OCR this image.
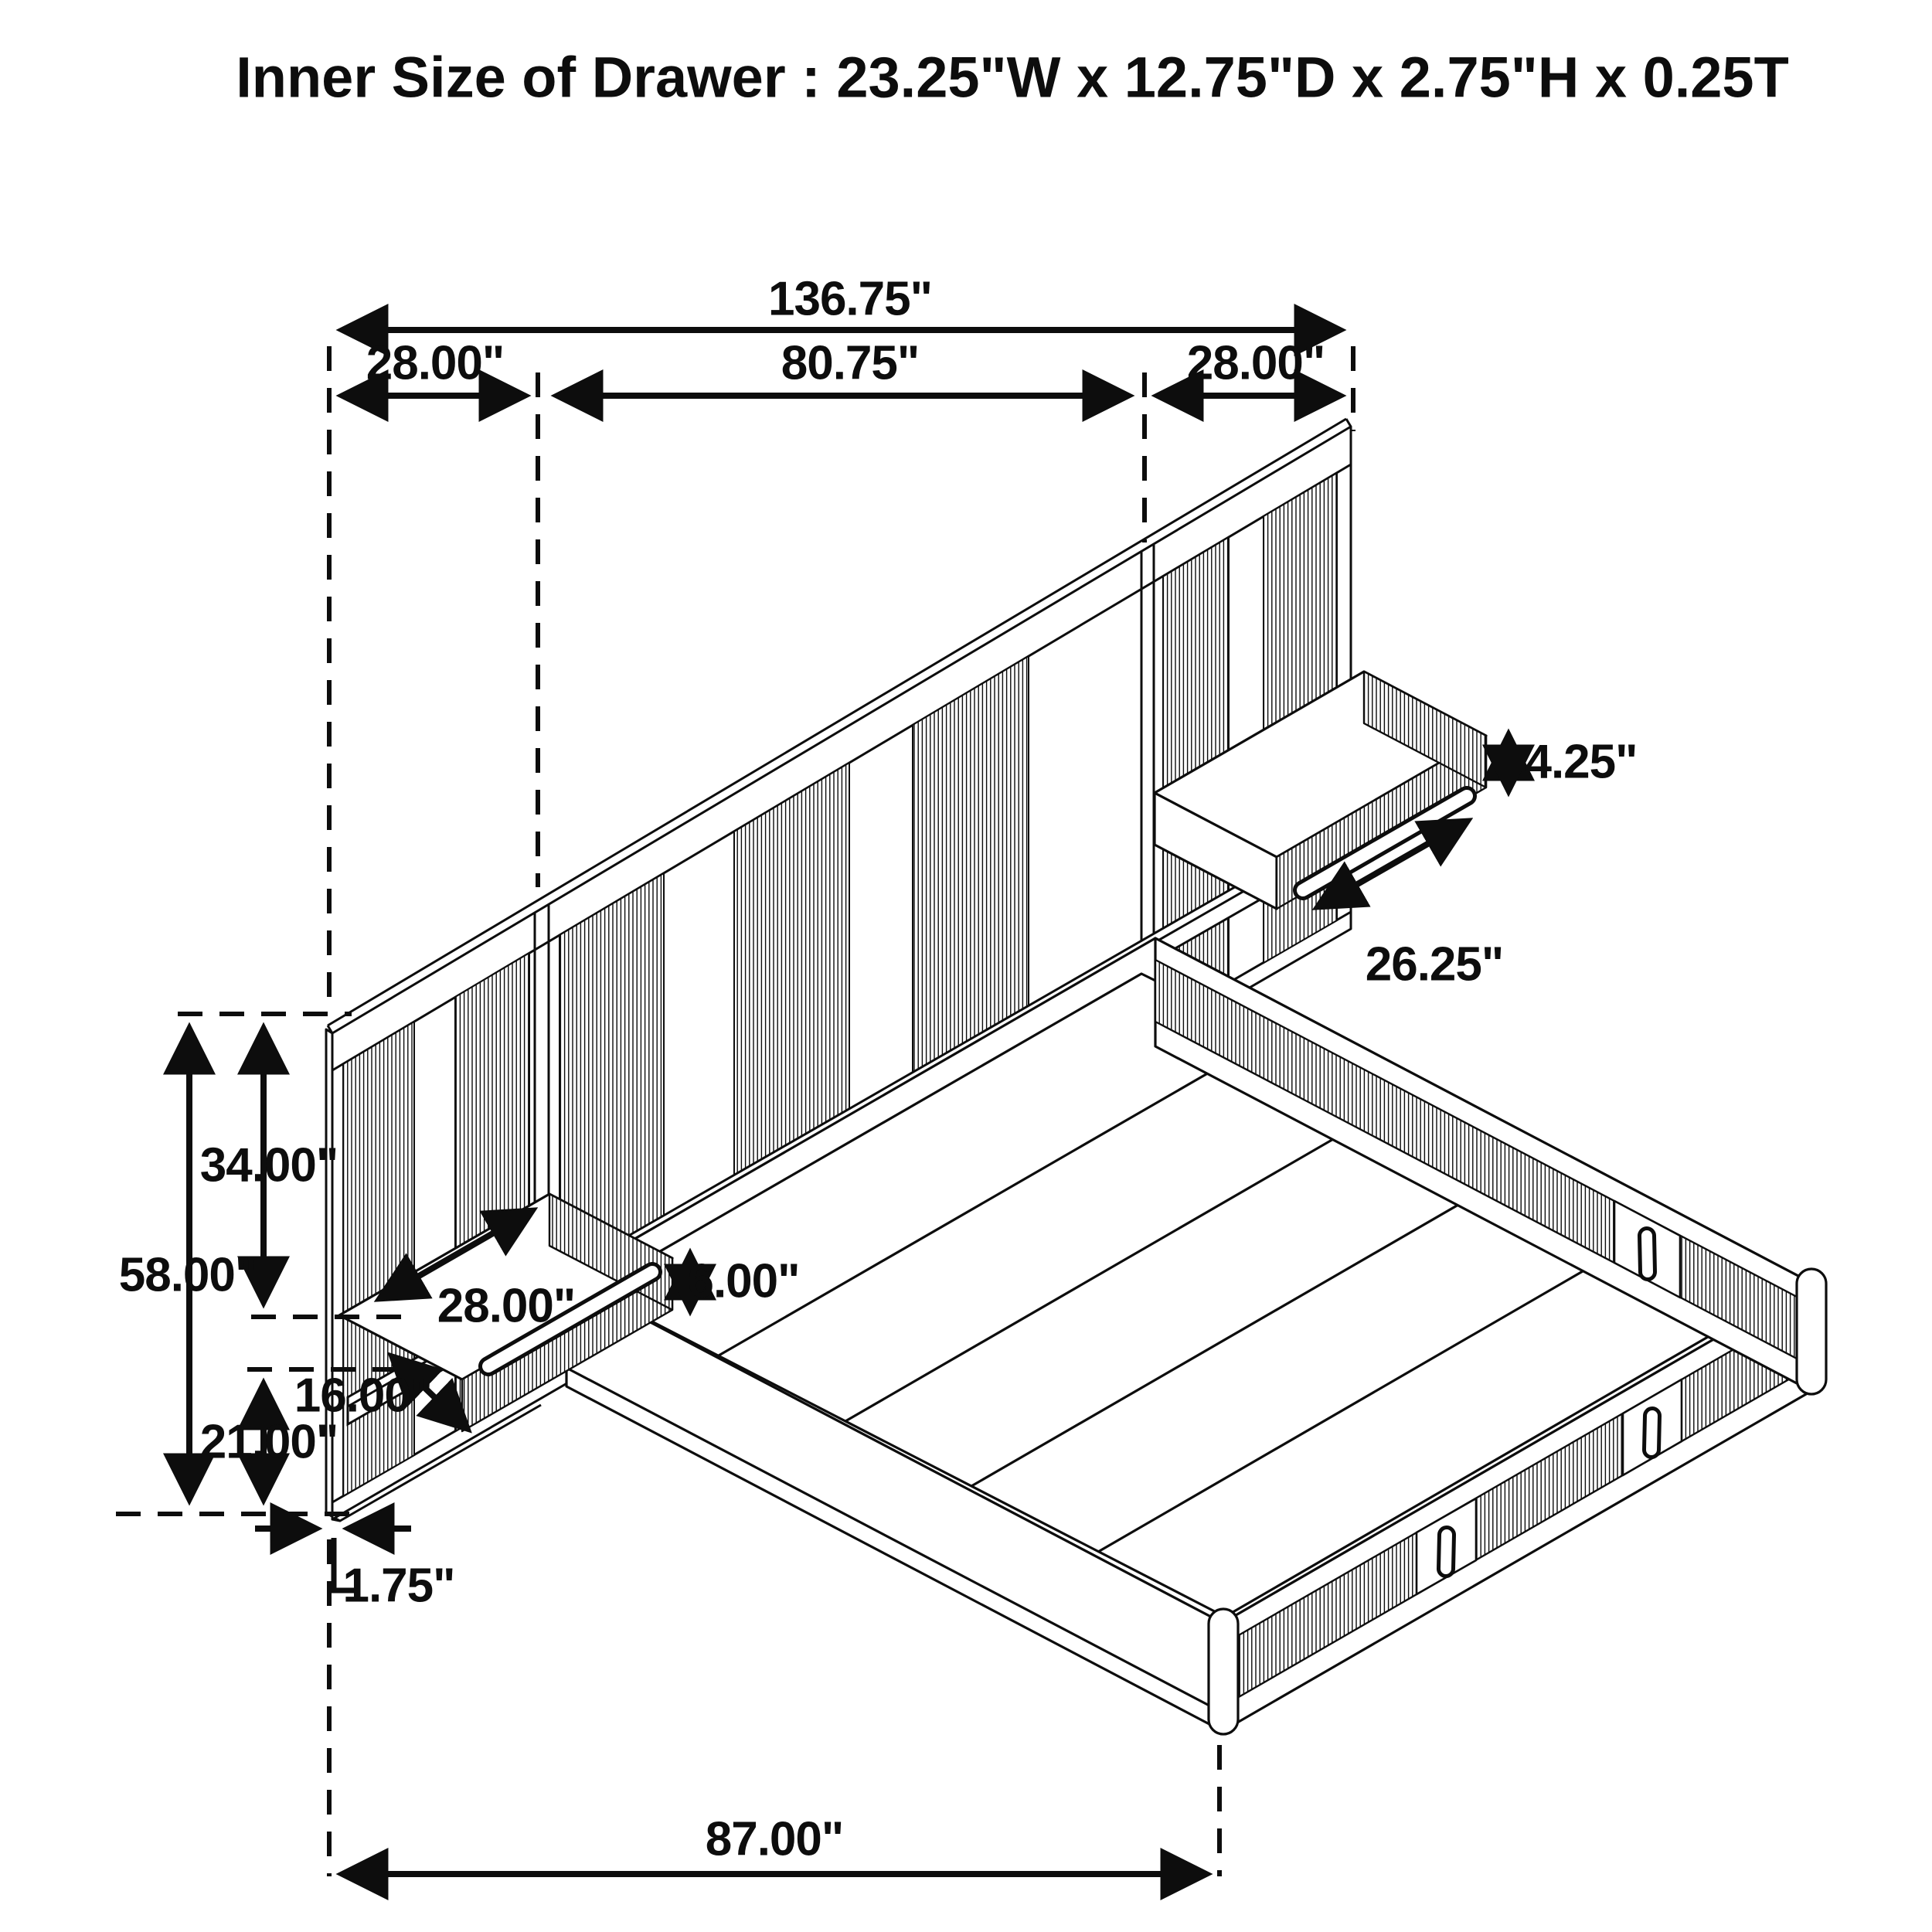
Inner Size of Drawer : 23.25"W x 12.75"D x 2.75"H x 0.25T
136.75"
28.00"	80.75"	28.00"
34.00"
58.00"
21.00"
16.00"
1.75"
28.00" 6.00"
4.25"
26.25"
87.00"
